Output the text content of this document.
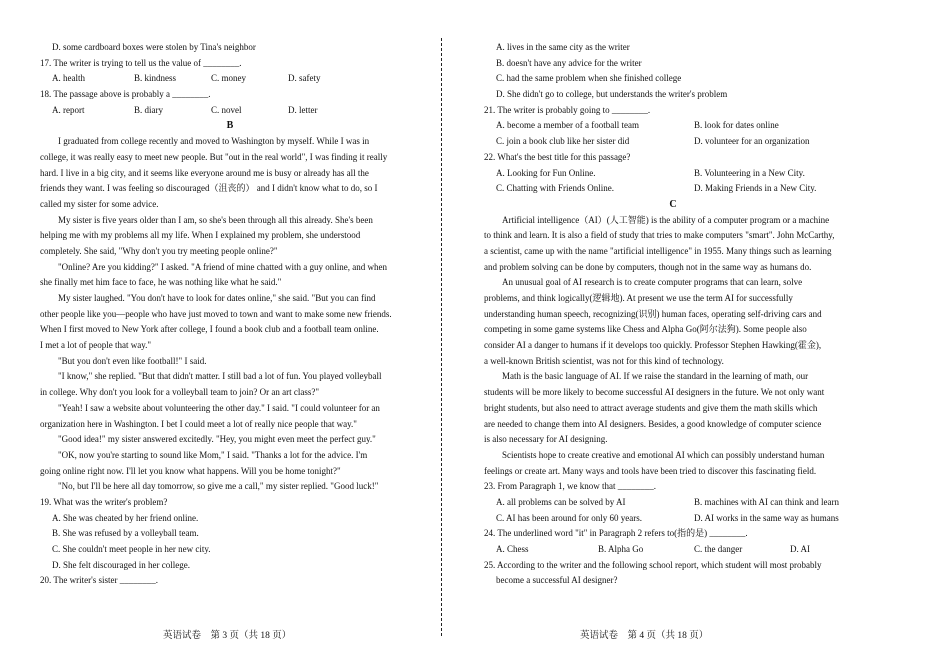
D. some cardboard boxes were stolen by Tina's neighbor
17. The writer is trying to tell us the value of ________.
A. health	B. kindness	C. money	D. safety
18. The passage above is probably a ________.
A. report	B. diary	C. novel	D. letter
B
I graduated from college recently and moved to Washington by myself. While I was in
college, it was really easy to meet new people. But "out in the real world", I was finding it really
hard. I live in a big city, and it seems like everyone around me is busy or already has all the
friends they want. I was feeling so discouraged（沮丧的） and I didn't know what to do, so I
called my sister for some advice.
My sister is five years older than I am, so she's been through all this already. She's been
helping me with my problems all my life. When I explained my problem, she understood
completely. She said, "Why don't you try meeting people online?"
"Online? Are you kidding?" I asked. "A friend of mine chatted with a guy online, and when
she finally met him face to face, he was nothing like what he said."
My sister laughed. "You don't have to look for dates online," she said. "But you can find
other people like you—people who have just moved to town and want to make some new friends.
When I first moved to New York after college, I found a book club and a football team online.
I met a lot of people that way."
"But you don't even like football!" I said.
"I know," she replied. "But that didn't matter. I still bad a lot of fun. You played volleyball
in college. Why don't you look for a volleyball team to join? Or an art class?"
"Yeah! I saw a website about volunteering the other day." I said. "I could volunteer for an
organization here in Washington. I bet I could meet a lot of really nice people that way."
"Good idea!" my sister answered excitedly. "Hey, you might even meet the perfect guy."
"OK, now you're starting to sound like Mom," I said. "Thanks a lot for the advice. I'm
going online right now. I'll let you know what happens. Will you be home tonight?"
"No, but I'll be here all day tomorrow, so give me a call," my sister replied. "Good luck!"
19. What was the writer's problem?
A. She was cheated by her friend online.
B. She was refused by a volleyball team.
C. She couldn't meet people in her new city.
D. She felt discouraged in her college.
20. The writer's sister ________.
A. lives in the same city as the writer
B. doesn't have any advice for the writer
C. had the same problem when she finished college
D. She didn't go to college, but understands the writer's problem
21. The writer is probably going to ________.
A. become a member of a football team	B. look for dates online
C. join a book club like her sister did	D. volunteer for an organization
22. What's the best title for this passage?
A. Looking for Fun Online.	B. Volunteering in a New City.
C. Chatting with Friends Online.	D. Making Friends in a New City.
C
Artificial intelligence（AI）(人工智能) is the ability of a computer program or a machine
to think and learn. It is also a field of study that tries to make computers "smart". John McCarthy,
a scientist, came up with the name "artificial intelligence" in 1955. Many things such as learning
and problem solving can be done by computers, though not in the same way as humans do.
An unusual goal of AI research is to create computer programs that can learn, solve
problems, and think logically(逻辑地). At present we use the term AI for successfully
understanding human speech, recognizing(识别) human faces, operating self-driving cars and
competing in some game systems like Chess and Alpha Go(阿尔法狗). Some people also
consider AI a danger to humans if it develops too quickly. Professor Stephen Hawking(霍金),
a well-known British scientist, was not for this kind of technology.
Math is the basic language of AI. If we raise the standard in the learning of math, our
students will be more likely to become successful AI designers in the future. We not only want
bright students, but also need to attract average students and give them the math skills which
are needed to change them into AI designers. Besides, a good knowledge of computer science
is also necessary for AI designing.
Scientists hope to create creative and emotional AI which can possibly understand human
feelings or create art. Many ways and tools have been tried to discover this fascinating field.
23. From Paragraph 1, we know that ________.
A. all problems can be solved by AI	B. machines with AI can think and learn
C. AI has been around for only 60 years.	D. AI works in the same way as humans
24. The underlined word "it" in Paragraph 2 refers to(指的是) ________.
A. Chess	B. Alpha Go	C. the danger	D. AI
25. According to the writer and the following school report, which student will most probably
become a successful AI designer?
英语试卷　第 3 页（共 18 页）	英语试卷　第 4 页（共 18 页）
